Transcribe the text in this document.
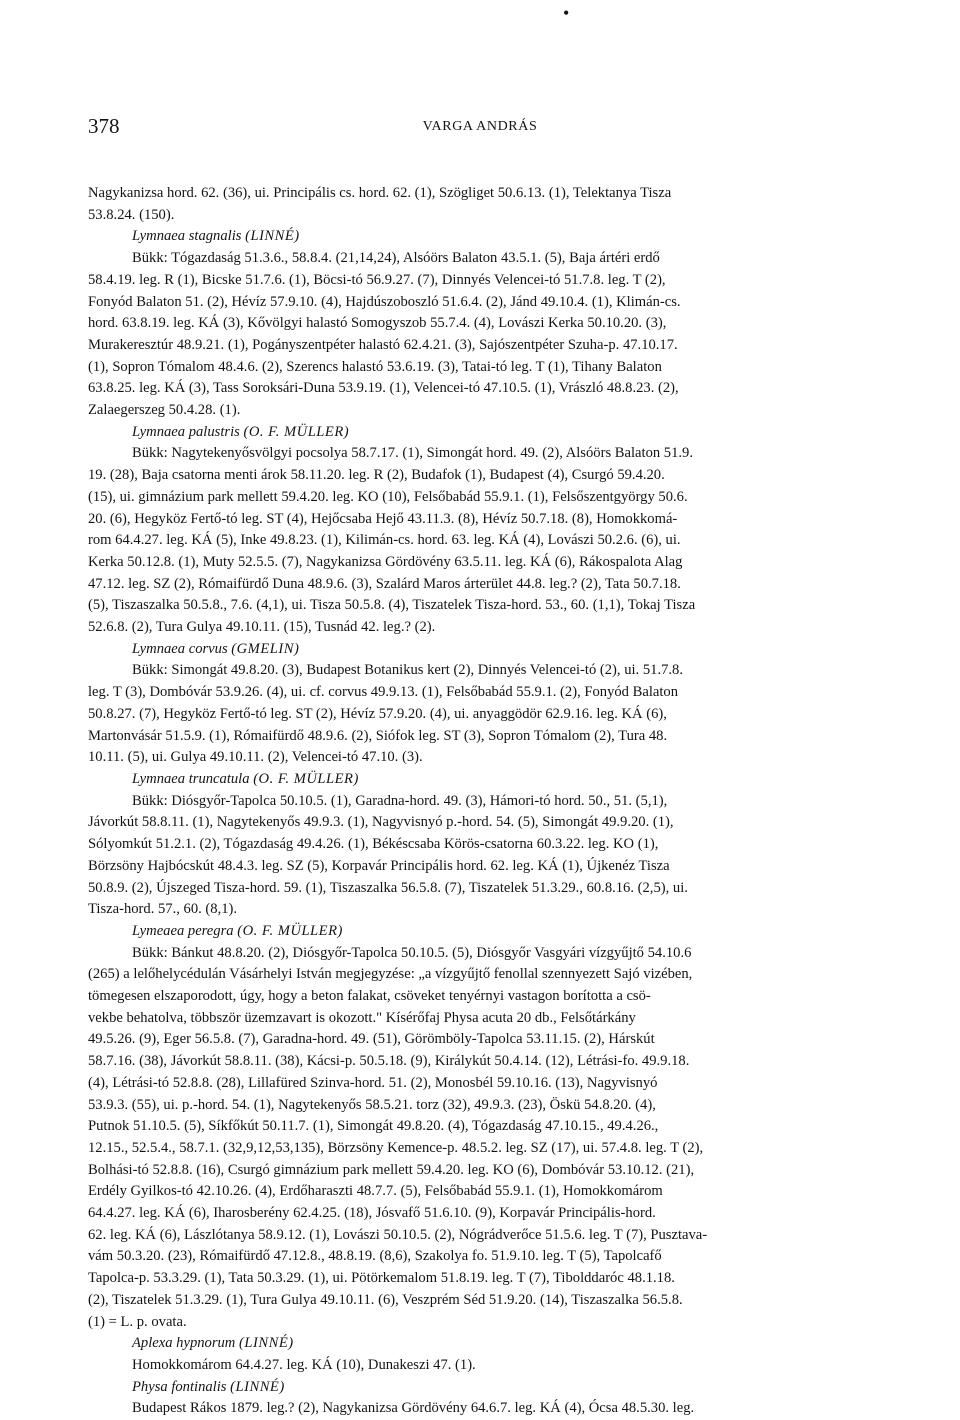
•
378	VARGA ANDRÁS

Nagykanizsa hord. 62. (36), ui. Principális cs. hord. 62. (1), Szögliget 50.6.13. (1), Telektanya Tisza
53.8.24. (150).

Lymnaea stagnalis (LINNÉ)

Bükk: Tógazdaság 51.3.6., 58.8.4. (21,14,24), Alsóörs Balaton 43.5.1. (5), Baja ártéri erdő
58.4.19. leg. R (1), Bicske 51.7.6. (1), Böcsi-tó 56.9.27. (7), Dinnyés Velencei-tó 51.7.8. leg. T (2),
Fonyód Balaton 51. (2), Hévíz 57.9.10. (4), Hajdúszoboszló 51.6.4. (2), Jánd 49.10.4. (1), Klimán-cs.
hord. 63.8.19. leg. KÁ (3), Kővölgyi halastó Somogyszob 55.7.4. (4), Lovászi Kerka 50.10.20. (3),
Murakeresztúr 48.9.21. (1), Pogányszentpéter halastó 62.4.21. (3), Sajószentpéter Szuha-p. 47.10.17.
(1), Sopron Tómalom 48.4.6. (2), Szerencs halastó 53.6.19. (3), Tatai-tó leg. T (1), Tihany Balaton
63.8.25. leg. KÁ (3), Tass Soroksári-Duna 53.9.19. (1), Velencei-tó 47.10.5. (1), Vrászló 48.8.23. (2),
Zalaegerszeg 50.4.28. (1).

Lymnaea palustris (O. F. MÜLLER)

Bükk: Nagytekenyősvölgyi pocsolya 58.7.17. (1), Simongát hord. 49. (2), Alsóörs Balaton 51.9.
19. (28), Baja csatorna menti árok 58.11.20. leg. R (2), Budafok (1), Budapest (4), Csurgó 59.4.20.
(15), ui. gimnázium park mellett 59.4.20. leg. KO (10), Felsőbabád 55.9.1. (1), Felsőszentgyörgy 50.6.
20. (6), Hegyköz Fertő-tó leg. ST (4), Hejőcsaba Hejő 43.11.3. (8), Hévíz 50.7.18. (8), Homokkomá-
rom 64.4.27. leg. KÁ (5), Inke 49.8.23. (1), Kilimán-cs. hord. 63. leg. KÁ (4), Lovászi 50.2.6. (6), ui.
Kerka 50.12.8. (1), Muty 52.5.5. (7), Nagykanizsa Gördövény 63.5.11. leg. KÁ (6), Rákospalota Alag
47.12. leg. SZ (2), Rómaifürdő Duna 48.9.6. (3), Szalárd Maros árterület 44.8. leg.? (2), Tata 50.7.18.
(5), Tiszaszalka 50.5.8., 7.6. (4,1), ui. Tisza 50.5.8. (4), Tiszatelek Tisza-hord. 53., 60. (1,1), Tokaj Tisza
52.6.8. (2), Tura Gulya 49.10.11. (15), Tusnád 42. leg.? (2).

Lymnaea corvus (GMELIN)

Bükk: Simongát 49.8.20. (3), Budapest Botanikus kert (2), Dinnyés Velencei-tó (2), ui. 51.7.8.
leg. T (3), Dombóvár 53.9.26. (4), ui. cf. corvus 49.9.13. (1), Felsőbabád 55.9.1. (2), Fonyód Balaton
50.8.27. (7), Hegyköz Fertő-tó leg. ST (2), Hévíz 57.9.20. (4), ui. anyaggödör 62.9.16. leg. KÁ (6),
Martonvásár 51.5.9. (1), Rómaifürdő 48.9.6. (2), Siófok leg. ST (3), Sopron Tómalom (2), Tura 48.
10.11. (5), ui. Gulya 49.10.11. (2), Velencei-tó 47.10. (3).

Lymnaea truncatula (O. F. MÜLLER)

Bükk: Diósgyőr-Tapolca 50.10.5. (1), Garadna-hord. 49. (3), Hámori-tó hord. 50., 51. (5,1),
Jávorkút 58.8.11. (1), Nagytekenyős 49.9.3. (1), Nagyvisnyó p.-hord. 54. (5), Simongát 49.9.20. (1),
Sólyomkút 51.2.1. (2), Tógazdaság 49.4.26. (1), Békéscsaba Körös-csatorna 60.3.22. leg. KO (1),
Börzsöny Hajbócskút 48.4.3. leg. SZ (5), Korpavár Principális hord. 62. leg. KÁ (1), Újkenéz Tisza
50.8.9. (2), Újszeged Tisza-hord. 59. (1), Tiszaszalka 56.5.8. (7), Tiszatelek 51.3.29., 60.8.16. (2,5), ui.
Tisza-hord. 57., 60. (8,1).

Lymeaea peregra (O. F. MÜLLER)

Bükk: Bánkut 48.8.20. (2), Diósgyőr-Tapolca 50.10.5. (5), Diósgyőr Vasgyári vízgyűjtő 54.10.6
(265) a lelőhelycédulán Vásárhelyi István megjegyzése: „a vízgyűjtő fenollal szennyezett Sajó vizében,
tömegesen elszaporodott, úgy, hogy a beton falakat, csöveket tenyérnyi vastagon borította a csö-
vekbe behatolva, többször üzemzavart is okozott." Kísérőfaj Physa acuta 20 db., Felsőtárkány
49.5.26. (9), Eger 56.5.8. (7), Garadna-hord. 49. (51), Görömböly-Tapolca 53.11.15. (2), Hárskút
58.7.16. (38), Jávorkút 58.8.11. (38), Kácsi-p. 50.5.18. (9), Királykút 50.4.14. (12), Létrási-fo. 49.9.18.
(4), Létrási-tó 52.8.8. (28), Lillafüred Szinva-hord. 51. (2), Monosbél 59.10.16. (13), Nagyvisnyó
53.9.3. (55), ui. p.-hord. 54. (1), Nagytekenyős 58.5.21. torz (32), 49.9.3. (23), Öskü 54.8.20. (4),
Putnok 51.10.5. (5), Síkfőkút 50.11.7. (1), Simongát 49.8.20. (4), Tógazdaság 47.10.15., 49.4.26.,
12.15., 52.5.4., 58.7.1. (32,9,12,53,135), Börzsöny Kemence-p. 48.5.2. leg. SZ (17), ui. 57.4.8. leg. T (2),
Bolhási-tó 52.8.8. (16), Csurgó gimnázium park mellett 59.4.20. leg. KO (6), Dombóvár 53.10.12. (21),
Erdély Gyilkos-tó 42.10.26. (4), Erdőharaszti 48.7.7. (5), Felsőbabád 55.9.1. (1), Homokkomárom
64.4.27. leg. KÁ (6), Iharosberény 62.4.25. (18), Jósvafő 51.6.10. (9), Korpavár Principális-hord.
62. leg. KÁ (6), Lászlótanya 58.9.12. (1), Lovászi 50.10.5. (2), Nógrádverőce 51.5.6. leg. T (7), Pusztava-
vám 50.3.20. (23), Rómaifürdő 47.12.8., 48.8.19. (8,6), Szakolya fo. 51.9.10. leg. T (5), Tapolcafő
Tapolca-p. 53.3.29. (1), Tata 50.3.29. (1), ui. Pötörkemalom 51.8.19. leg. T (7), Tibolddaróc 48.1.18.
(2), Tiszatelek 51.3.29. (1), Tura Gulya 49.10.11. (6), Veszprém Séd 51.9.20. (14), Tiszaszalka 56.5.8.
(1) = L. p. ovata.

Aplexa hypnorum (LINNÉ)

Homokkomárom 64.4.27. leg. KÁ (10), Dunakeszi 47. (1).

Physa fontinalis (LINNÉ)

Budapest Rákos 1879. leg.? (2), Nagykanizsa Gördövény 64.6.7. leg. KÁ (4), Ócsa 48.5.30. leg.
